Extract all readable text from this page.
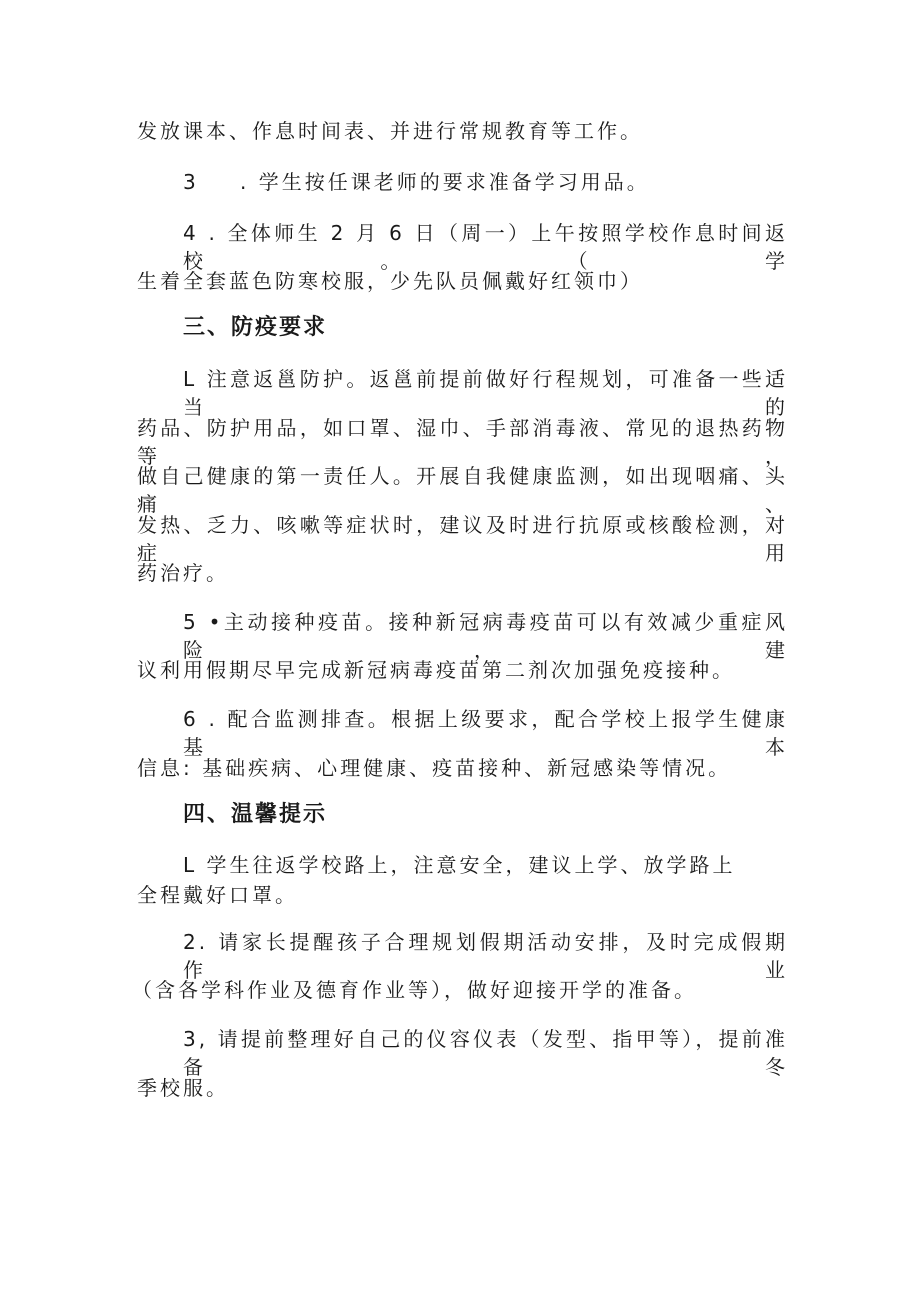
发放课本、作息时间表、并进行常规教育等工作。
3 . 学生按任课老师的要求准备学习用品。
4 . 全体师生 2 月 6 日（周一）上午按照学校作息时间返校。（学
生着全套蓝色防寒校服，少先队员佩戴好红领巾）
三、防疫要求
L 注意返邕防护。返邕前提前做好行程规划，可准备一些适当的
药品、防护用品，如口罩、湿巾、手部消毒液、常见的退热药物等，
做自己健康的第一责任人。开展自我健康监测，如出现咽痛、头痛、
发热、乏力、咳嗽等症状时，建议及时进行抗原或核酸检测，对症用
药治疗。
5 •主动接种疫苗。接种新冠病毒疫苗可以有效减少重症风险，建
议利用假期尽早完成新冠病毒疫苗第二剂次加强免疫接种。
6 . 配合监测排查。根据上级要求，配合学校上报学生健康基本
信息: 基础疾病、心理健康、疫苗接种、新冠感染等情况。
四、温馨提示
L 学生往返学校路上，注意安全，建议上学、放学路上
全程戴好口罩。
2. 请家长提醒孩子合理规划假期活动安排，及时完成假期作业
（含各学科作业及德育作业等），做好迎接开学的准备。
3, 请提前整理好自己的仪容仪表（发型、指甲等），提前准备冬
季校服。
